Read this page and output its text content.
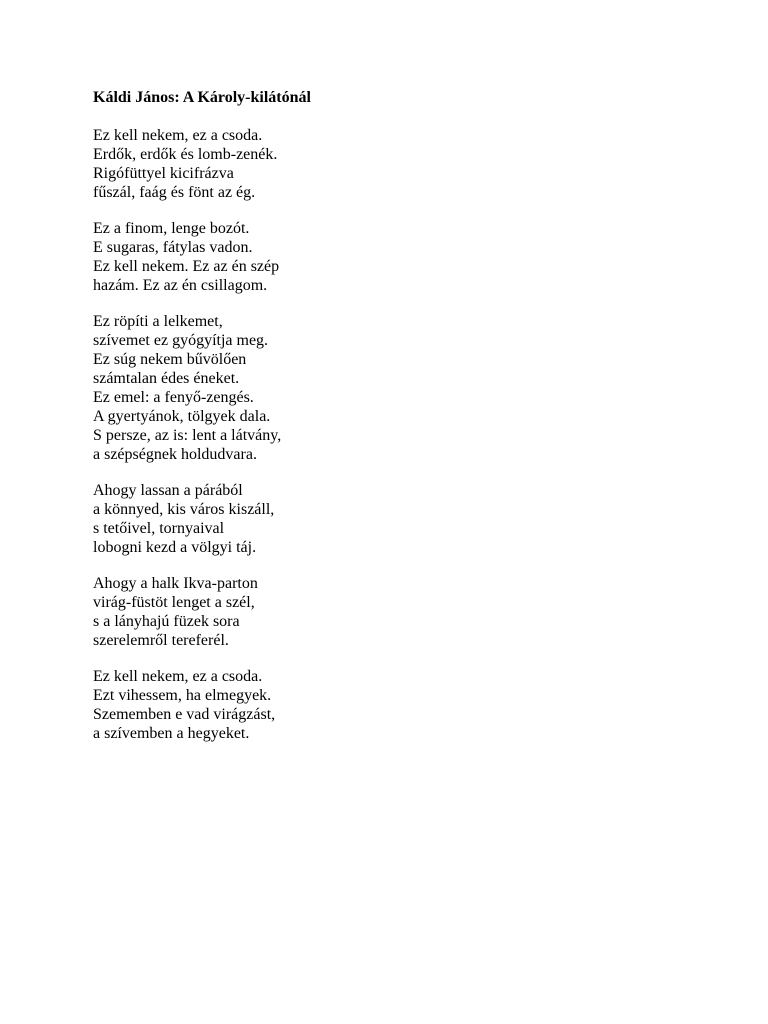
Káldi János: A Károly-kilátónál
Ez kell nekem, ez a csoda.
Erdők, erdők és lomb-zenék.
Rigófüttyel kicifrázva
fűszál, faág és fönt az ég.
Ez a finom, lenge bozót.
E sugaras, fátylas vadon.
Ez kell nekem. Ez az én szép
hazám. Ez az én csillagom.
Ez röpíti a lelkemet,
szívemet ez gyógyítja meg.
Ez súg nekem bűvölően
számtalan édes éneket.
Ez emel: a fenyő-zengés.
A gyertyánok, tölgyek dala.
S persze, az is: lent a látvány,
a szépségnek holdudvara.
Ahogy lassan a párából
a könnyed, kis város kiszáll,
s tetőivel, tornyaival
lobogni kezd a völgyi táj.
Ahogy a halk Ikva-parton
virág-füstöt lenget a szél,
s a lányhajú füzek sora
szerelemről tereferél.
Ez kell nekem, ez a csoda.
Ezt vihessem, ha elmegyek.
Szememben e vad virágzást,
a szívemben a hegyeket.
